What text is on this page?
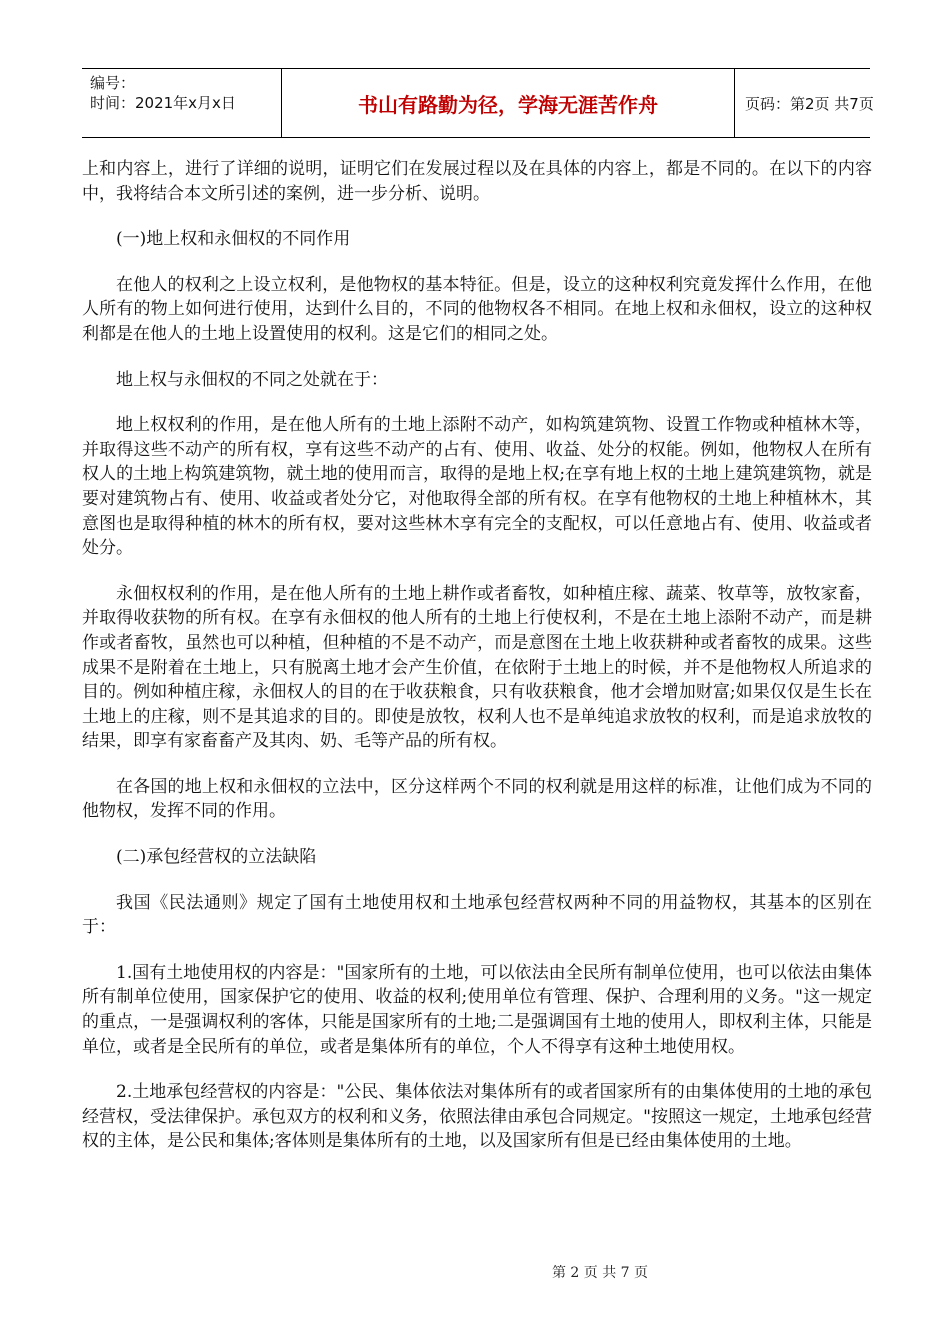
编号：
时间：2021年x月x日	书山有路勤为径，学海无涯苦作舟	页码：第2页 共7页

上和内容上，进行了详细的说明，证明它们在发展过程以及在具体的内容上，都是不同的。在以下的内容中，我将结合本文所引述的案例，进一步分析、说明。

(一)地上权和永佃权的不同作用

在他人的权利之上设立权利，是他物权的基本特征。但是，设立的这种权利究竟发挥什么作用，在他人所有的物上如何进行使用，达到什么目的，不同的他物权各不相同。在地上权和永佃权，设立的这种权利都是在他人的土地上设置使用的权利。这是它们的相同之处。

地上权与永佃权的不同之处就在于：

地上权权利的作用，是在他人所有的土地上添附不动产，如构筑建筑物、设置工作物或种植林木等，并取得这些不动产的所有权，享有这些不动产的占有、使用、收益、处分的权能。例如，他物权人在所有权人的土地上构筑建筑物，就土地的使用而言，取得的是地上权;在享有地上权的土地上建筑建筑物，就是要对建筑物占有、使用、收益或者处分它，对他取得全部的所有权。在享有他物权的土地上种植林木，其意图也是取得种植的林木的所有权，要对这些林木享有完全的支配权，可以任意地占有、使用、收益或者处分。

永佃权权利的作用，是在他人所有的土地上耕作或者畜牧，如种植庄稼、蔬菜、牧草等，放牧家畜，并取得收获物的所有权。在享有永佃权的他人所有的土地上行使权利，不是在土地上添附不动产，而是耕作或者畜牧，虽然也可以种植，但种植的不是不动产，而是意图在土地上收获耕种或者畜牧的成果。这些成果不是附着在土地上，只有脱离土地才会产生价值，在依附于土地上的时候，并不是他物权人所追求的目的。例如种植庄稼，永佃权人的目的在于收获粮食，只有收获粮食，他才会增加财富;如果仅仅是生长在土地上的庄稼，则不是其追求的目的。即使是放牧，权利人也不是单纯追求放牧的权利，而是追求放牧的结果，即享有家畜畜产及其肉、奶、毛等产品的所有权。

在各国的地上权和永佃权的立法中，区分这样两个不同的权利就是用这样的标准，让他们成为不同的他物权，发挥不同的作用。

(二)承包经营权的立法缺陷

我国《民法通则》规定了国有土地使用权和土地承包经营权两种不同的用益物权，其基本的区别在于：

1.国有土地使用权的内容是："国家所有的土地，可以依法由全民所有制单位使用，也可以依法由集体所有制单位使用，国家保护它的使用、收益的权利;使用单位有管理、保护、合理利用的义务。"这一规定的重点，一是强调权利的客体，只能是国家所有的土地;二是强调国有土地的使用人，即权利主体，只能是单位，或者是全民所有的单位，或者是集体所有的单位，个人不得享有这种土地使用权。

2.土地承包经营权的内容是："公民、集体依法对集体所有的或者国家所有的由集体使用的土地的承包经营权，受法律保护。承包双方的权利和义务，依照法律由承包合同规定。"按照这一规定，土地承包经营权的主体，是公民和集体;客体则是集体所有的土地，以及国家所有但是已经由集体使用的土地。

第 2 页 共 7 页
